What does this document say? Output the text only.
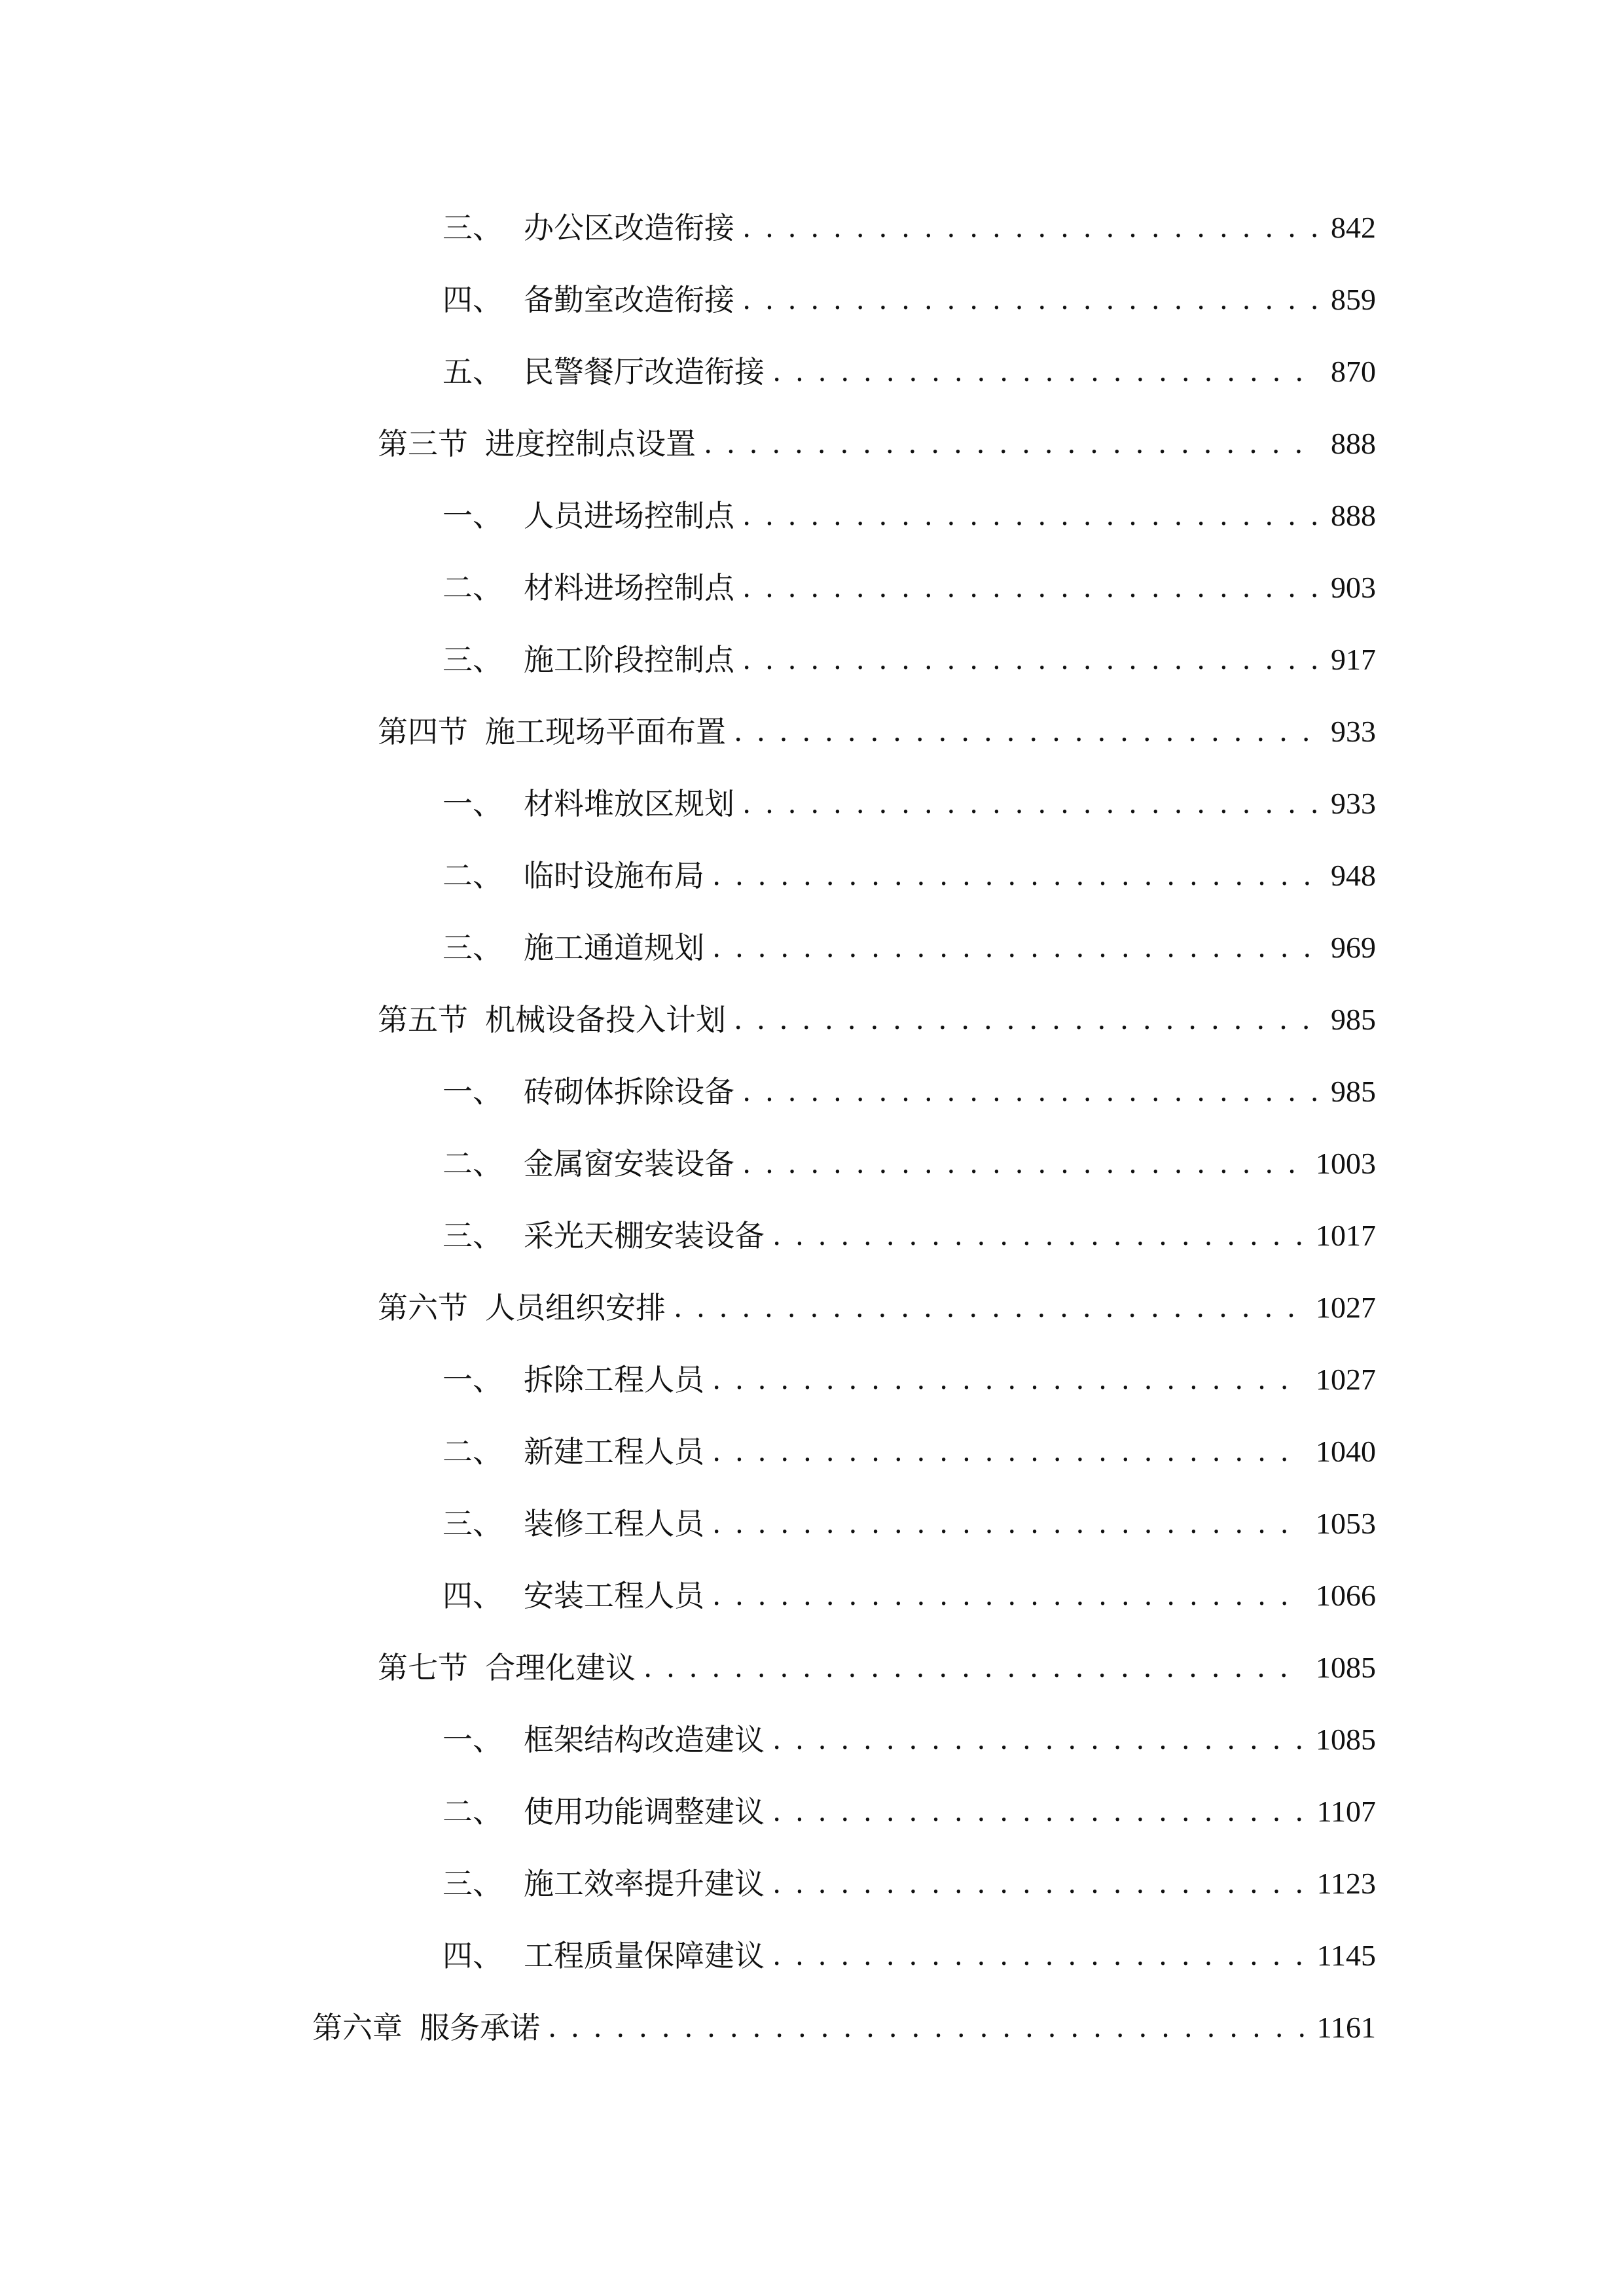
三、 办公区改造衔接 . . .	842
四、 备勤室改造衔接 . . .	859
五、 民警餐厅改造衔接 . . .	870
第三节 进度控制点设置 . . .	888
一、 人员进场控制点 . . .	888
二、 材料进场控制点 . . .	903
三、 施工阶段控制点 . . .	917
第四节 施工现场平面布置 . . .	933
一、 材料堆放区规划 . . .	933
二、 临时设施布局 . . .	948
三、 施工通道规划 . . .	969
第五节 机械设备投入计划 . . .	985
一、 砖砌体拆除设备 . . .	985
二、 金属窗安装设备 . . .	1003
三、 采光天棚安装设备 . . .	1017
第六节 人员组织安排 . . .	1027
一、 拆除工程人员 . . .	1027
二、 新建工程人员 . . .	1040
三、 装修工程人员 . . .	1053
四、 安装工程人员 . . .	1066
第七节 合理化建议 . . .	1085
一、 框架结构改造建议 . . .	1085
二、 使用功能调整建议 . . .	1107
三、 施工效率提升建议 . . .	1123
四、 工程质量保障建议 . . .	1145
第六章 服务承诺 . . .	1161
